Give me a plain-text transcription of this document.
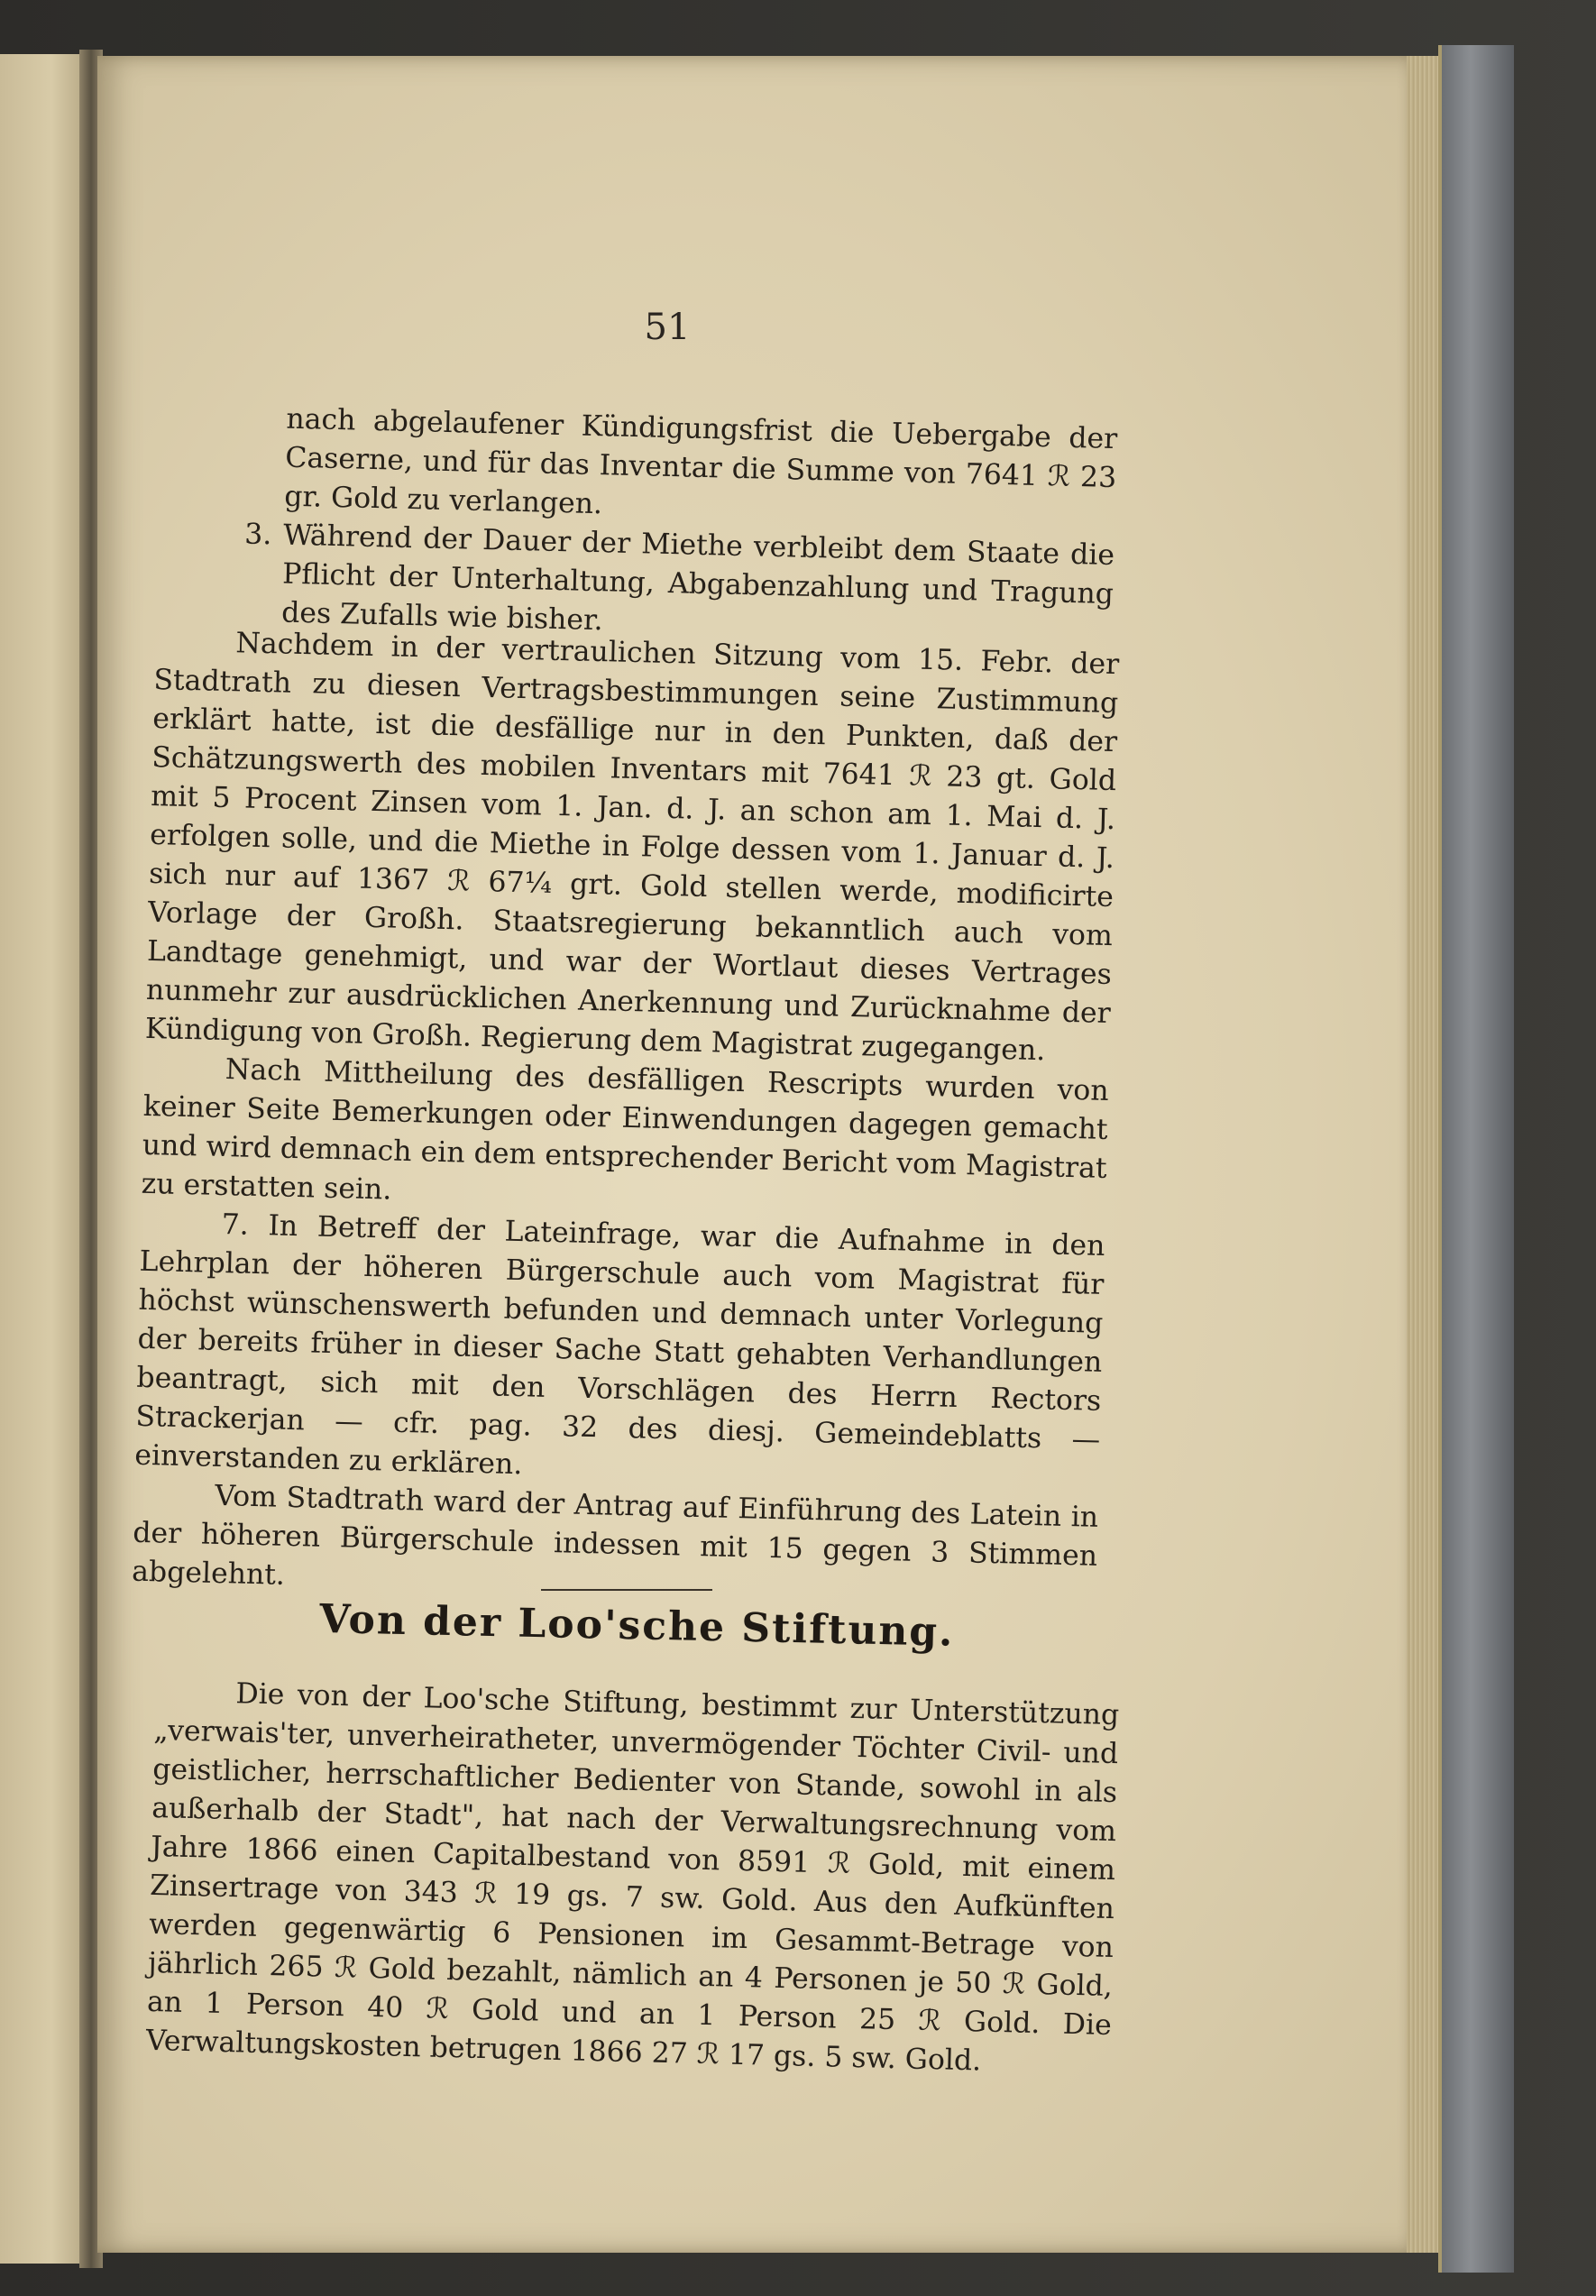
51

nach abgelaufener Kündigungsfrist die Uebergabe der Caserne, und für das Inventar die Summe von 7641 ℛ 23 gr. Gold zu verlangen.

3. Während der Dauer der Miethe verbleibt dem Staate die Pflicht der Unterhaltung, Abgabenzahlung und Tragung des Zufalls wie bisher.

Nachdem in der vertraulichen Sitzung vom 15. Febr. der Stadtrath zu diesen Vertragsbestimmungen seine Zustimmung erklärt hatte, ist die desfällige nur in den Punkten, daß der Schätzungswerth des mobilen Inventars mit 7641 ℛ 23 gt. Gold mit 5 Procent Zinsen vom 1. Jan. d. J. an schon am 1. Mai d. J. erfolgen solle, und die Miethe in Folge dessen vom 1. Januar d. J. sich nur auf 1367 ℛ 67¼ grt. Gold stellen werde, modificirte Vorlage der Großh. Staatsregierung bekanntlich auch vom Landtage genehmigt, und war der Wortlaut dieses Vertrages nunmehr zur ausdrücklichen Anerkennung und Zurücknahme der Kündigung von Großh. Regierung dem Magistrat zugegangen.

Nach Mittheilung des desfälligen Rescripts wurden von keiner Seite Bemerkungen oder Einwendungen dagegen gemacht und wird demnach ein dem entsprechender Bericht vom Magistrat zu erstatten sein.

7. In Betreff der Lateinfrage, war die Aufnahme in den Lehrplan der höheren Bürgerschule auch vom Magistrat für höchst wünschenswerth befunden und demnach unter Vorlegung der bereits früher in dieser Sache Statt gehabten Verhandlungen beantragt, sich mit den Vorschlägen des Herrn Rectors Strackerjan — cfr. pag. 32 des diesj. Gemeindeblatts — einverstanden zu erklären.

Vom Stadtrath ward der Antrag auf Einführung des Latein in der höheren Bürgerschule indessen mit 15 gegen 3 Stimmen abgelehnt.

Von der Loo'sche Stiftung.

Die von der Loo'sche Stiftung, bestimmt zur Unterstützung „verwais'ter, unverheiratheter, unvermögender Töchter Civil- und geistlicher, herrschaftlicher Bedienter von Stande, sowohl in als außerhalb der Stadt", hat nach der Verwaltungsrechnung vom Jahre 1866 einen Capitalbestand von 8591 ℛ Gold, mit einem Zinsertrage von 343 ℛ 19 gs. 7 sw. Gold. Aus den Aufkünften werden gegenwärtig 6 Pensionen im Gesammt-Betrage von jährlich 265 ℛ Gold bezahlt, nämlich an 4 Personen je 50 ℛ Gold, an 1 Person 40 ℛ Gold und an 1 Person 25 ℛ Gold. Die Verwaltungskosten betrugen 1866 27 ℛ 17 gs. 5 sw. Gold.
